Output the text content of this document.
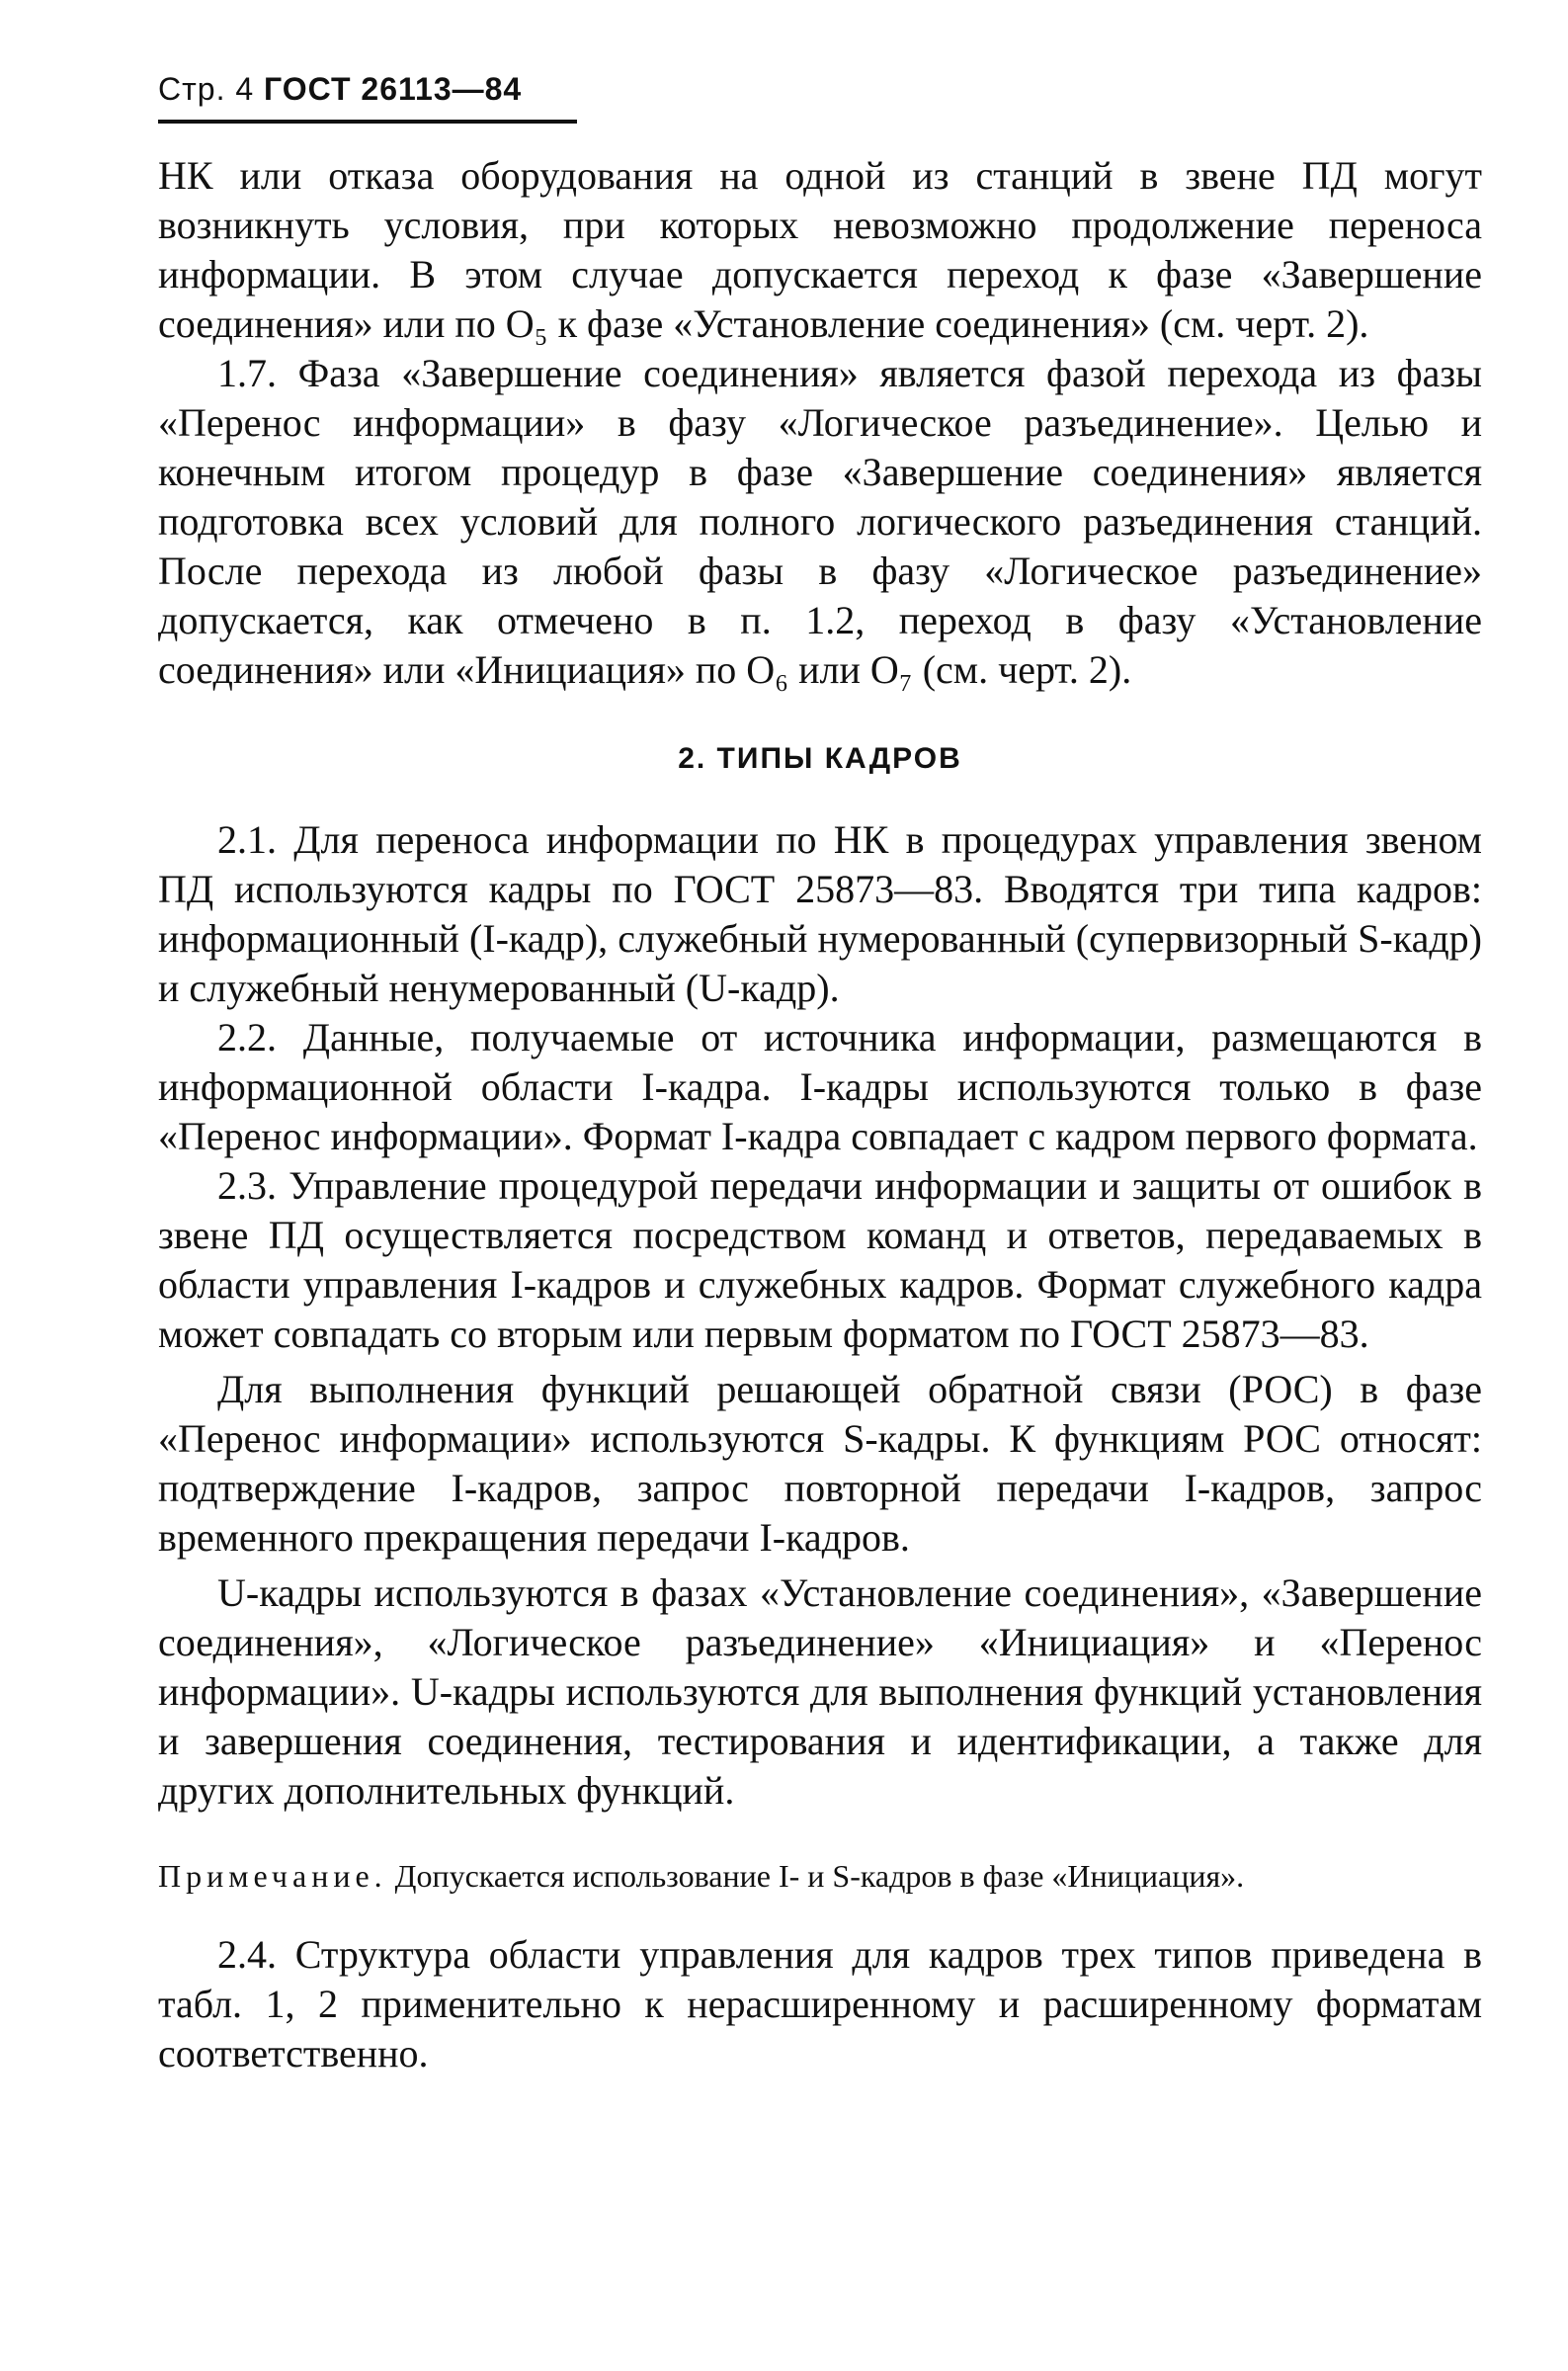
Стр. 4 ГОСТ 26113—84

НК или отказа оборудования на одной из станций в звене ПД могут возникнуть условия, при которых невозможно продолжение переноса информации. В этом случае допускается переход к фазе «Завершение соединения» или по O₅ к фазе «Установление соединения» (см. черт. 2).

1.7. Фаза «Завершение соединения» является фазой перехода из фазы «Перенос информации» в фазу «Логическое разъединение». Целью и конечным итогом процедур в фазе «Завершение соединения» является подготовка всех условий для полного логического разъединения станций. После перехода из любой фазы в фазу «Логическое разъединение» допускается, как отмечено в п. 1.2, переход в фазу «Установление соединения» или «Инициация» по O₆ или O₇ (см. черт. 2).

2. ТИПЫ КАДРОВ

2.1. Для переноса информации по НК в процедурах управления звеном ПД используются кадры по ГОСТ 25873—83. Вводятся три типа кадров: информационный (I-кадр), служебный нумерованный (супервизорный S-кадр) и служебный ненумерованный (U-кадр).

2.2. Данные, получаемые от источника информации, размещаются в информационной области I-кадра. I-кадры используются только в фазе «Перенос информации». Формат I-кадра совпадает с кадром первого формата.

2.3. Управление процедурой передачи информации и защиты от ошибок в звене ПД осуществляется посредством команд и ответов, передаваемых в области управления I-кадров и служебных кадров. Формат служебного кадра может совпадать со вторым или первым форматом по ГОСТ 25873—83.

Для выполнения функций решающей обратной связи (РОС) в фазе «Перенос информации» используются S-кадры. К функциям РОС относят: подтверждение I-кадров, запрос повторной передачи I-кадров, запрос временного прекращения передачи I-кадров.

U-кадры используются в фазах «Установление соединения», «Завершение соединения», «Логическое разъединение» «Инициация» и «Перенос информации». U-кадры используются для выполнения функций установления и завершения соединения, тестирования и идентификации, а также для других дополнительных функций.

Примечание. Допускается использование I- и S-кадров в фазе «Инициация».

2.4. Структура области управления для кадров трех типов приведена в табл. 1, 2 применительно к нерасширенному и расширенному форматам соответственно.
